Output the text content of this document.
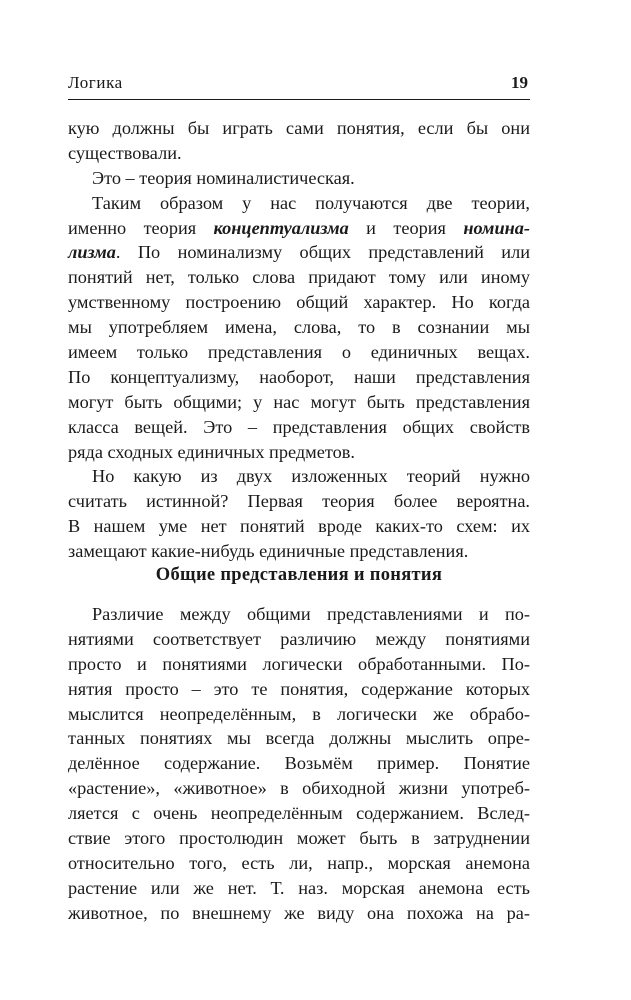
Логика	19
кую должны бы играть сами понятия, если бы они
существовали.
Это – теория номиналистическая.
Таким образом у нас получаются две теории,
именно теория концептуализма и теория номина-
лизма. По номинализму общих представлений или
понятий нет, только слова придают тому или иному
умственному построению общий характер. Но когда
мы употребляем имена, слова, то в сознании мы
имеем только представления о единичных вещах.
По концептуализму, наоборот, наши представления
могут быть общими; у нас могут быть представления
класса вещей. Это – представления общих свойств
ряда сходных единичных предметов.
Но какую из двух изложенных теорий нужно
считать истинной? Первая теория более вероятна.
В нашем уме нет понятий вроде каких-то схем: их
замещают какие-нибудь единичные представления.
Общие представления и понятия
Различие между общими представлениями и по-
нятиями соответствует различию между понятиями
просто и понятиями логически обработанными. По-
нятия просто – это те понятия, содержание которых
мыслится неопределённым, в логически же обрабо-
танных понятиях мы всегда должны мыслить опре-
делённое содержание. Возьмём пример. Понятие
«растение», «животное» в обиходной жизни употреб-
ляется с очень неопределённым содержанием. Вслед-
ствие этого простолюдин может быть в затруднении
относительно того, есть ли, напр., морская анемона
растение или же нет. Т. наз. морская анемона есть
животное, по внешнему же виду она похожа на ра-
